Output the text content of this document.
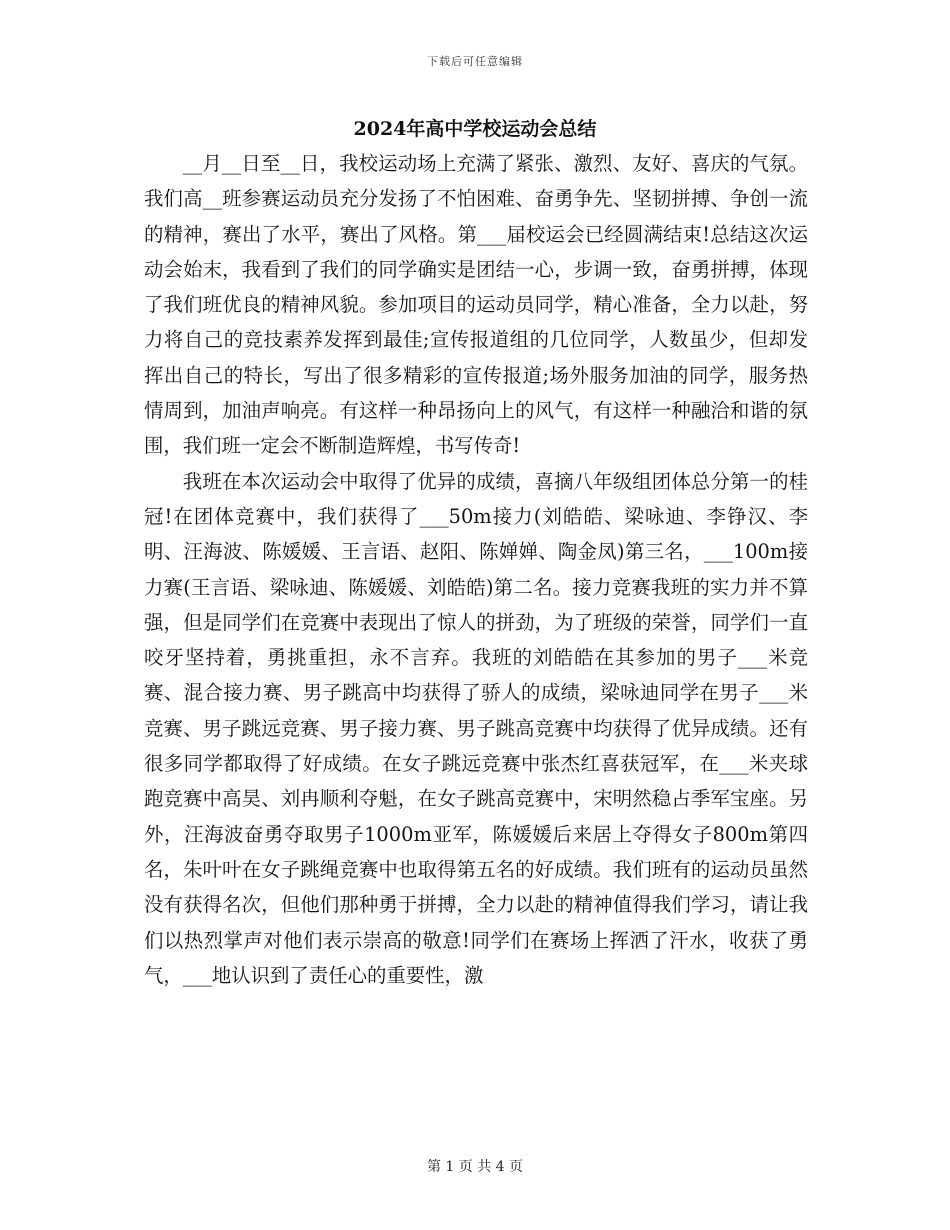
下载后可任意编辑
2024年高中学校运动会总结

__月__日至__日，我校运动场上充满了紧张、激烈、友好、喜庆的气氛。我们高__班参赛运动员充分发扬了不怕困难、奋勇争先、坚韧拼搏、争创一流的精神，赛出了水平，赛出了风格。第___届校运会已经圆满结束!总结这次运动会始末，我看到了我们的同学确实是团结一心，步调一致，奋勇拼搏，体现了我们班优良的精神风貌。参加项目的运动员同学，精心准备，全力以赴，努力将自己的竞技素养发挥到最佳;宣传报道组的几位同学，人数虽少，但却发挥出自己的特长，写出了很多精彩的宣传报道;场外服务加油的同学，服务热情周到，加油声响亮。有这样一种昂扬向上的风气，有这样一种融洽和谐的氛围，我们班一定会不断制造辉煌，书写传奇!

我班在本次运动会中取得了优异的成绩，喜摘八年级组团体总分第一的桂冠!在团体竞赛中，我们获得了___50m接力(刘皓皓、梁咏迪、李铮汉、李明、汪海波、陈媛媛、王言语、赵阳、陈婵婵、陶金凤)第三名，___100m接力赛(王言语、梁咏迪、陈媛媛、刘皓皓)第二名。接力竞赛我班的实力并不算强，但是同学们在竞赛中表现出了惊人的拼劲，为了班级的荣誉，同学们一直咬牙坚持着，勇挑重担，永不言弃。我班的刘皓皓在其参加的男子___米竞赛、混合接力赛、男子跳高中均获得了骄人的成绩，梁咏迪同学在男子___米竞赛、男子跳远竞赛、男子接力赛、男子跳高竞赛中均获得了优异成绩。还有很多同学都取得了好成绩。在女子跳远竞赛中张杰红喜获冠军，在___米夹球跑竞赛中高昊、刘冉顺利夺魁，在女子跳高竞赛中，宋明然稳占季军宝座。另外，汪海波奋勇夺取男子1000m亚军，陈媛媛后来居上夺得女子800m第四名，朱叶叶在女子跳绳竞赛中也取得第五名的好成绩。我们班有的运动员虽然没有获得名次，但他们那种勇于拼搏，全力以赴的精神值得我们学习，请让我们以热烈掌声对他们表示崇高的敬意!同学们在赛场上挥洒了汗水，收获了勇气，___地认识到了责任心的重要性，激

第 1 页 共 4 页
